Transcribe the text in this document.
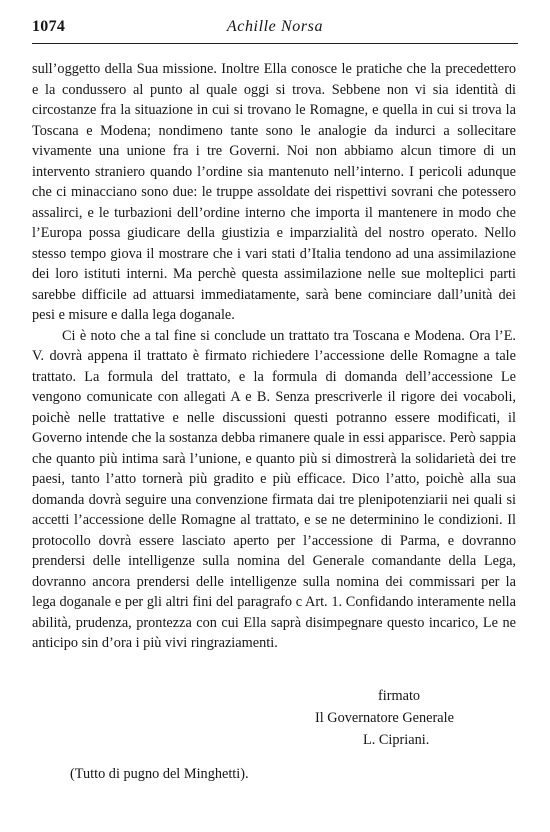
1074	Achille Norsa

sull’oggetto della Sua missione. Inoltre Ella conosce le pratiche che la precedettero e la condussero al punto al quale oggi si trova. Sebbene non vi sia identità di circostanze fra la situazione in cui si trovano le Romagne, e quella in cui si trova la Toscana e Modena; nondimeno tante sono le analogie da indurci a sollecitare vivamente una unione fra i tre Governi. Noi non abbiamo alcun timore di un intervento straniero quando l’ordine sia mantenuto nell’interno. I pericoli adunque che ci minacciano sono due: le truppe assoldate dei rispettivi sovrani che potessero assalirci, e le turbazioni dell’ordine interno che importa il mantenere in modo che l’Europa possa giudicare della giustizia e imparzialità del nostro operato. Nello stesso tempo giova il mostrare che i vari stati d’Italia tendono ad una assimilazione dei loro istituti interni. Ma perchè questa assimilazione nelle sue molteplici parti sarebbe difficile ad attuarsi immediatamente, sarà bene cominciare dall’unità dei pesi e misure e dalla lega doganale.

Ci è noto che a tal fine si conclude un trattato tra Toscana e Modena. Ora l’E. V. dovrà appena il trattato è firmato richiedere l’accessione delle Romagne a tale trattato. La formula del trattato, e la formula di domanda dell’accessione Le vengono comunicate con allegati A e B. Senza prescriverle il rigore dei vocaboli, poichè nelle trattative e nelle discussioni questi potranno essere modificati, il Governo intende che la sostanza debba rimanere quale in essi apparisce. Però sappia che quanto più intima sarà l’unione, e quanto più si dimostrerà la solidarietà dei tre paesi, tanto l’atto tornerà più gradito e più efficace. Dico l’atto, poichè alla sua domanda dovrà seguire una convenzione firmata dai tre plenipotenziarii nei quali si accetti l’accessione delle Romagne al trattato, e se ne determinino le condizioni. Il protocollo dovrà essere lasciato aperto per l’accessione di Parma, e dovranno prendersi delle intelligenze sulla nomina del Generale comandante della Lega, dovranno ancora prendersi delle intelligenze sulla nomina dei commissari per la lega doganale e per gli altri fini del paragrafo c Art. 1. Confidando interamente nella abilità, prudenza, prontezza con cui Ella saprà disimpegnare questo incarico, Le ne anticipo sin d’ora i più vivi ringraziamenti.

firmato
Il Governatore Generale
L. Cipriani.
(Tutto di pugno del Minghetti).
